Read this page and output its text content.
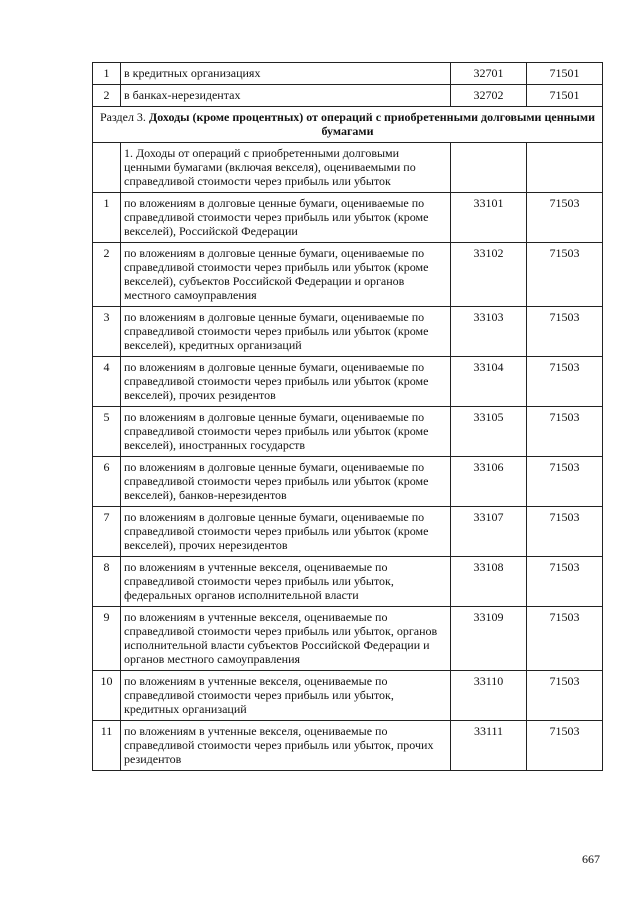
1	в кредитных организациях	32701	71501
2	в банках-нерезидентах	32702	71501
Раздел 3. Доходы (кроме процентных) от операций с приобретенными долговыми ценными бумагами			
	1. Доходы от операций с приобретенными долговыми ценными бумагами (включая векселя), оцениваемыми по справедливой стоимости через прибыль или убыток		
1	по вложениям в долговые ценные бумаги, оцениваемые по справедливой стоимости через прибыль или убыток (кроме векселей), Российской Федерации	33101	71503
2	по вложениям в долговые ценные бумаги, оцениваемые по справедливой стоимости через прибыль или убыток (кроме векселей), субъектов Российской Федерации и органов местного самоуправления	33102	71503
3	по вложениям в долговые ценные бумаги, оцениваемые по справедливой стоимости через прибыль или убыток (кроме векселей), кредитных организаций	33103	71503
4	по вложениям в долговые ценные бумаги, оцениваемые по справедливой стоимости через прибыль или убыток (кроме векселей), прочих резидентов	33104	71503
5	по вложениям в долговые ценные бумаги, оцениваемые по справедливой стоимости через прибыль или убыток (кроме векселей), иностранных государств	33105	71503
6	по вложениям в долговые ценные бумаги, оцениваемые по справедливой стоимости через прибыль или убыток (кроме векселей), банков-нерезидентов	33106	71503
7	по вложениям в долговые ценные бумаги, оцениваемые по справедливой стоимости через прибыль или убыток (кроме векселей), прочих нерезидентов	33107	71503
8	по вложениям в учтенные векселя, оцениваемые по справедливой стоимости через прибыль или убыток, федеральных органов исполнительной власти	33108	71503
9	по вложениям в учтенные векселя, оцениваемые по справедливой стоимости через прибыль или убыток, органов исполнительной власти субъектов Российской Федерации и органов местного самоуправления	33109	71503
10	по вложениям в учтенные векселя, оцениваемые по справедливой стоимости через прибыль или убыток, кредитных организаций	33110	71503
11	по вложениям в учтенные векселя, оцениваемые по справедливой стоимости через прибыль или убыток, прочих резидентов	33111	71503
667
